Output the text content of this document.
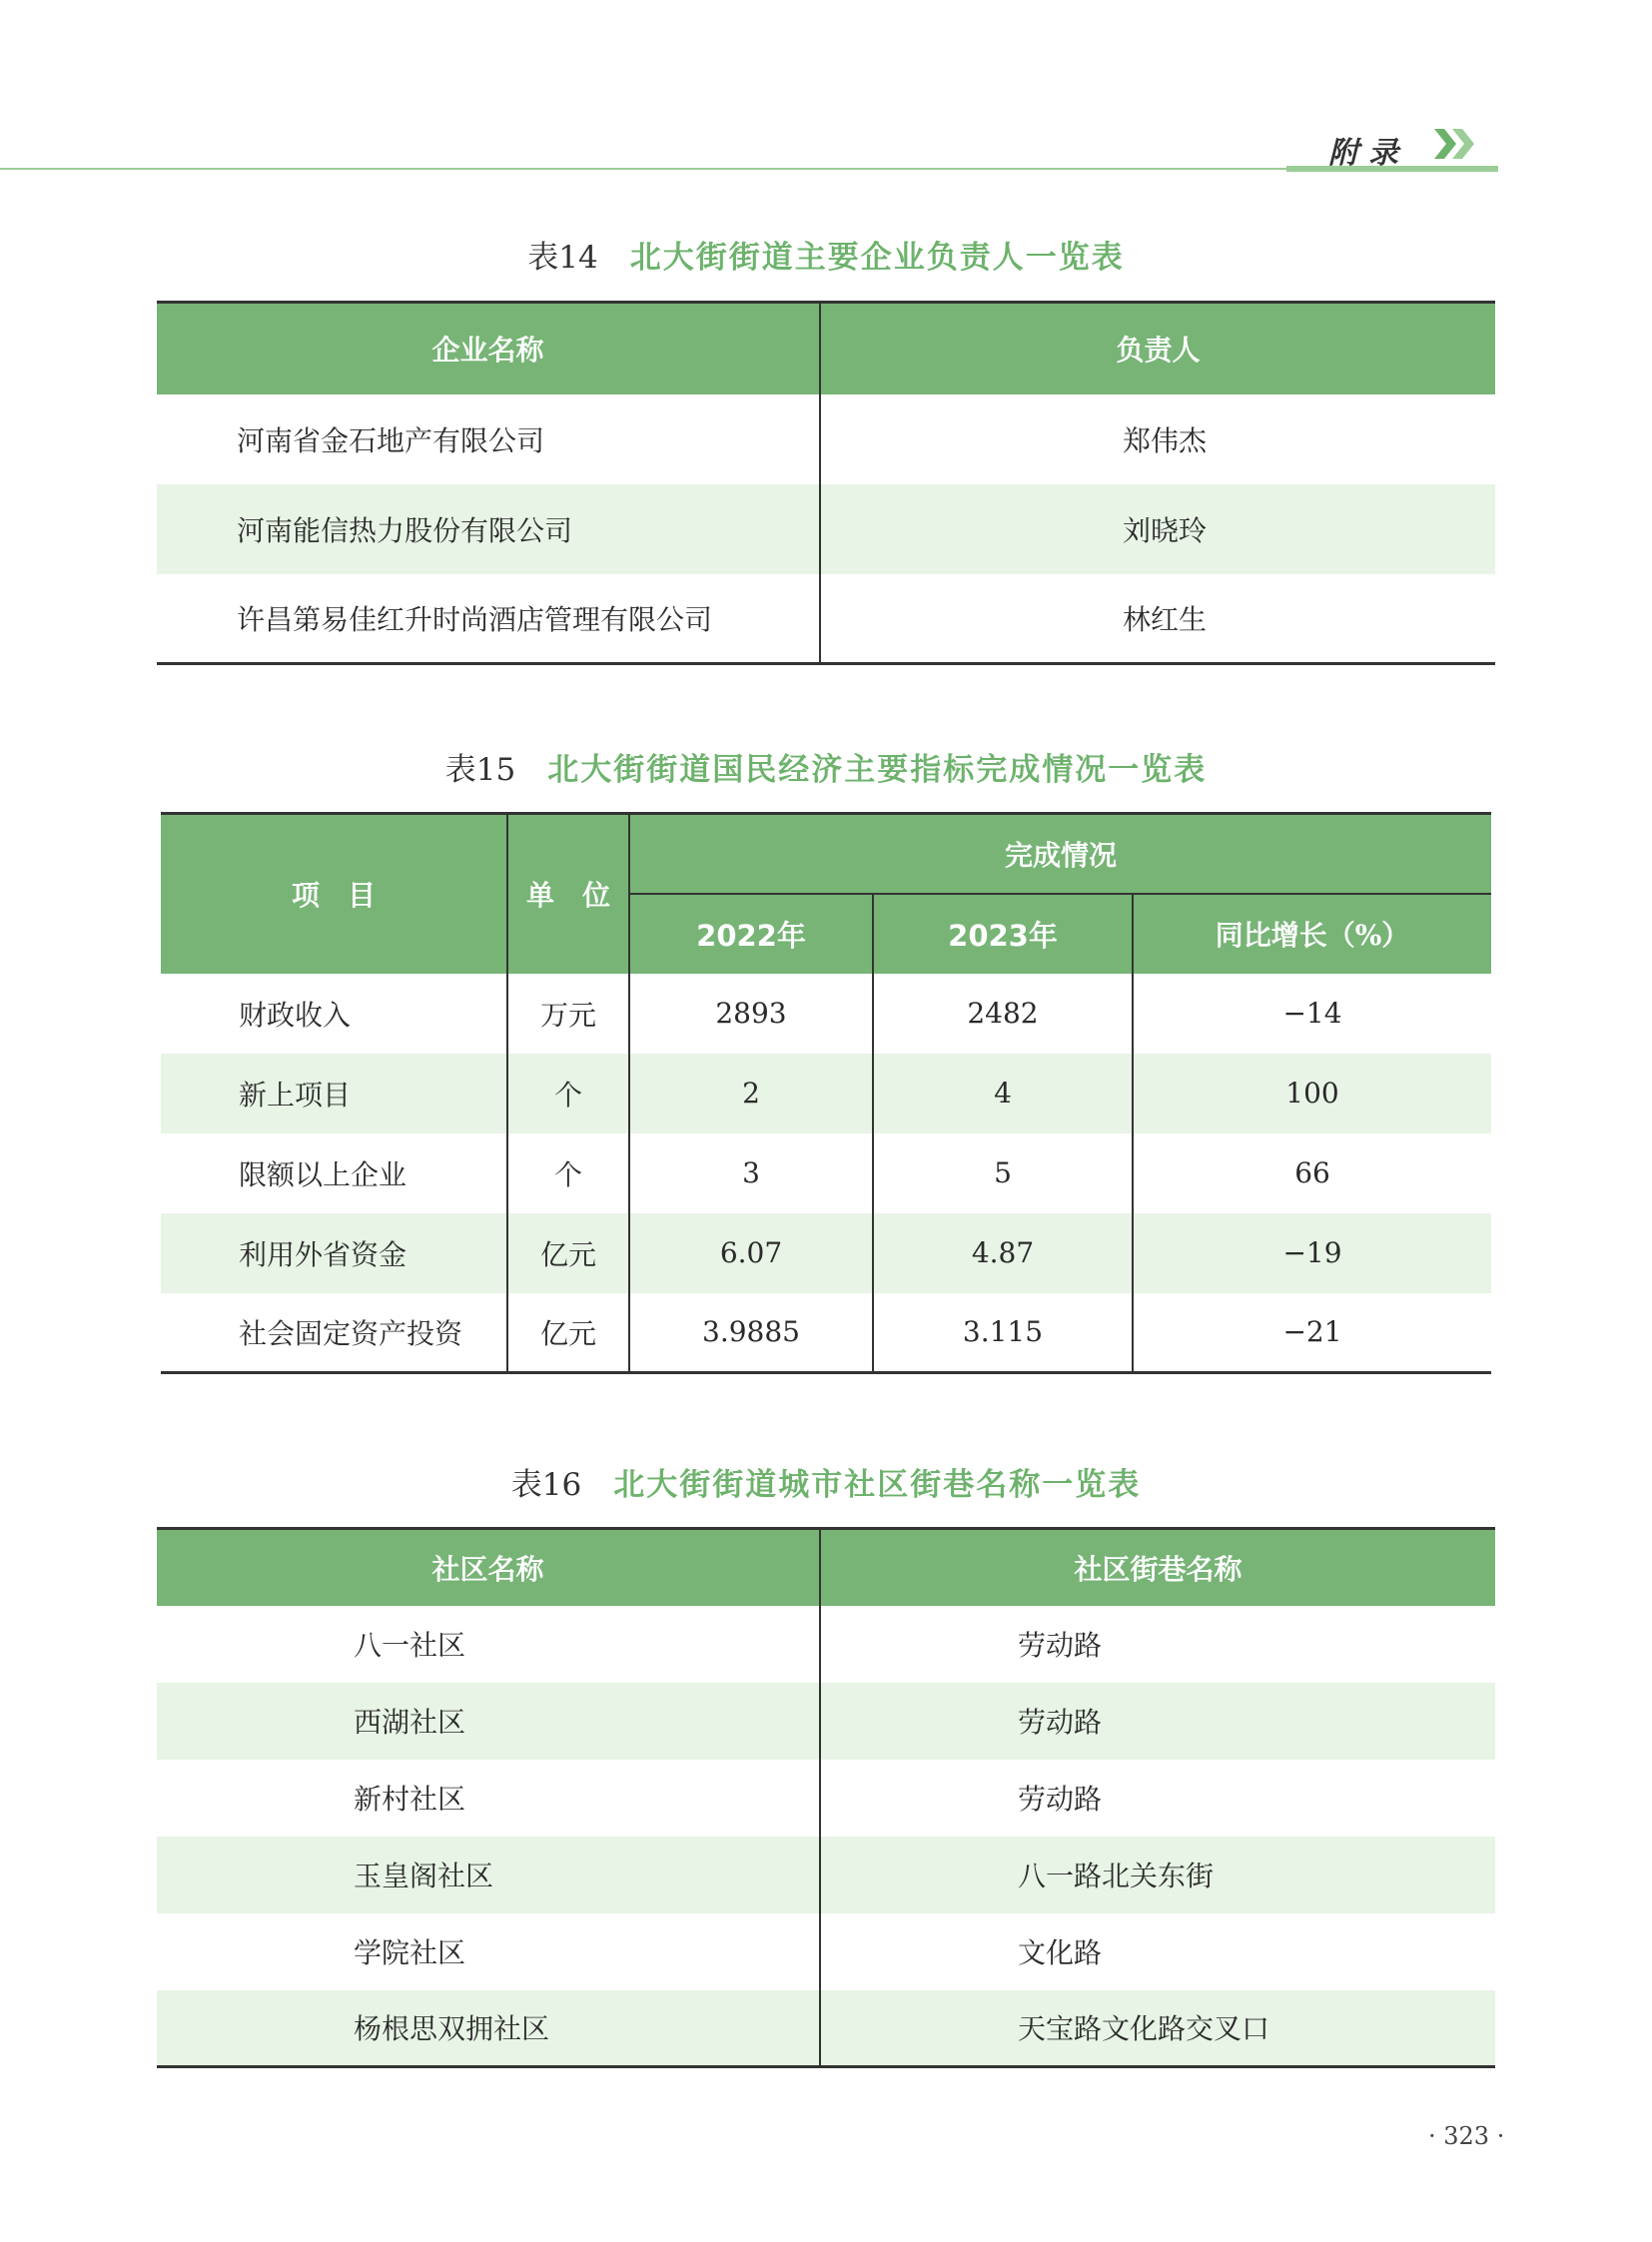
附录
表14 北大街街道主要企业负责人一览表
企业名称	负责人
河南省金石地产有限公司	郑伟杰
河南能信热力股份有限公司	刘晓玲
许昌第易佳红升时尚酒店管理有限公司	林红生
表15 北大街街道国民经济主要指标完成情况一览表
项　目	单　位	完成情况		
		2022年	2023年	同比增长（%）
财政收入	万元	2893	2482	−14
新上项目	个	2	4	100
限额以上企业	个	3	5	66
利用外省资金	亿元	6.07	4.87	−19
社会固定资产投资	亿元	3.9885	3.115	−21
表16 北大街街道城市社区街巷名称一览表
社区名称	社区街巷名称
八一社区	劳动路
西湖社区	劳动路
新村社区	劳动路
玉皇阁社区	八一路北关东街
学院社区	文化路
杨根思双拥社区	天宝路文化路交叉口
· 323 ·
